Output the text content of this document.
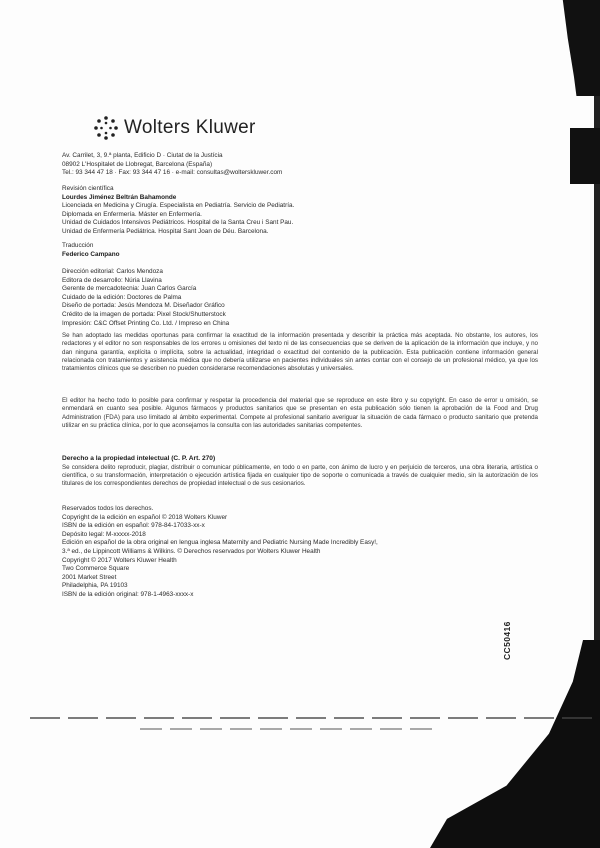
Wolters Kluwer
Av. Carrilet, 3, 9.ª planta, Edificio D · Ciutat de la Justícia
08902 L'Hospitalet de Llobregat, Barcelona (España)
Tel.: 93 344 47 18 · Fax: 93 344 47 16 · e-mail: consultas@wolterskluwer.com
Revisión científica
Lourdes Jiménez Beltrán Bahamonde
Licenciada en Medicina y Cirugía. Especialista en Pediatría. Servicio de Pediatría.
Diplomada en Enfermería. Máster en Enfermería.
Unidad de Cuidados Intensivos Pediátricos. Hospital de la Santa Creu i Sant Pau.
Unidad de Enfermería Pediátrica. Hospital Sant Joan de Déu. Barcelona.
Traducción
Federico Campano
Dirección editorial: Carlos Mendoza
Editora de desarrollo: Núria Llavina
Gerente de mercadotecnia: Juan Carlos García
Cuidado de la edición: Doctores de Palma
Diseño de portada: Jesús Mendoza M. Diseñador Gráfico
Crédito de la imagen de portada: Pixel Stock/Shutterstock
Impresión: C&C Offset Printing Co. Ltd. / Impreso en China
Se han adoptado las medidas oportunas para confirmar la exactitud de la información presentada y describir la práctica más aceptada. No obstante, los autores, los redactores y el editor no son responsables de los errores u omisiones del texto ni de las consecuencias que se deriven de la aplicación de la información que incluye, y no dan ninguna garantía, explícita o implícita, sobre la actualidad, integridad o exactitud del contenido de la publicación. Esta publicación contiene información general relacionada con tratamientos y asistencia médica que no debería utilizarse en pacientes individuales sin antes contar con el consejo de un profesional médico, ya que los tratamientos clínicos que se describen no pueden considerarse recomendaciones absolutas y universales.
El editor ha hecho todo lo posible para confirmar y respetar la procedencia del material que se reproduce en este libro y su copyright. En caso de error u omisión, se enmendará en cuanto sea posible. Algunos fármacos y productos sanitarios que se presentan en esta publicación sólo tienen la aprobación de la Food and Drug Administration (FDA) para uso limitado al ámbito experimental. Compete al profesional sanitario averiguar la situación de cada fármaco o producto sanitario que pretenda utilizar en su práctica clínica, por lo que aconsejamos la consulta con las autoridades sanitarias competentes.
Derecho a la propiedad intelectual (C. P. Art. 270)
Se considera delito reproducir, plagiar, distribuir o comunicar públicamente, en todo o en parte, con ánimo de lucro y en perjuicio de terceros, una obra literaria, artística o científica, o su transformación, interpretación o ejecución artística fijada en cualquier tipo de soporte o comunicada a través de cualquier medio, sin la autorización de los titulares de los correspondientes derechos de propiedad intelectual o de sus cesionarios.
Reservados todos los derechos.
Copyright de la edición en español © 2018 Wolters Kluwer
ISBN de la edición en español: 978-84-17033-xx-x
Depósito legal: M-xxxxx-2018
Edición en español de la obra original en lengua inglesa Maternity and Pediatric Nursing Made Incredibly Easy!,
3.ª ed., de Lippincott Williams & Wilkins. © Derechos reservados por Wolters Kluwer Health
Copyright © 2017 Wolters Kluwer Health
Two Commerce Square
2001 Market Street
Philadelphia, PA 19103
ISBN de la edición original: 978-1-4963-xxxx-x
CC50416
